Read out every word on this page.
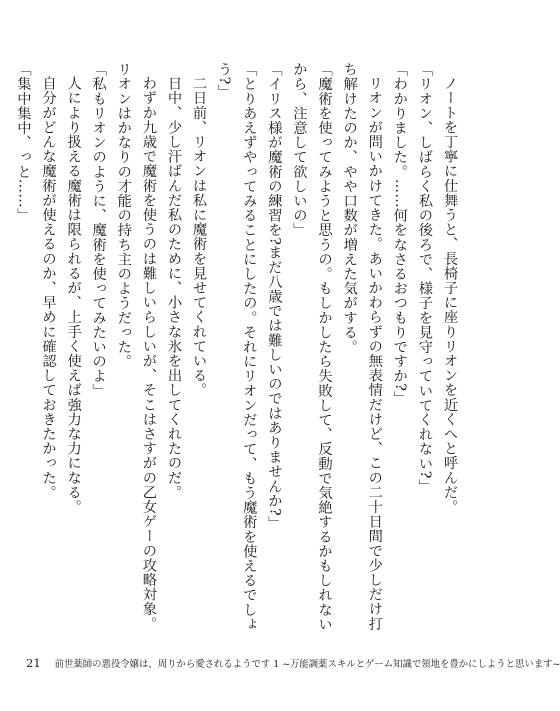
ノートを丁寧に仕舞うと、長椅子に座りリオンを近くへと呼んだ。

「リオン、しばらく私の後ろで、様子を見守っていてくれない?」

「わかりました。……何をなさるおつもりですか?」

リオンが問いかけてきた。あいかわらずの無表情だけど、この二十日間で少しだけ打ち解けたのか、やや口数が増えた気がする。

「魔術を使ってみようと思うの。もしかしたら失敗して、反動で気絶するかもしれないから、注意して欲しいの」

「イリス様が魔術の練習を?まだ八歳では難しいのではありませんか?」

「とりあえずやってみることにしたの。それにリオンだって、もう魔術を使えるでしょう?」

二日前、リオンは私に魔術を見せてくれている。

日中、少し汗ばんだ私のために、小さな氷を出してくれたのだ。

わずか九歳で魔術を使うのは難しいらしいが、そこはさすがの乙女ゲーの攻略対象。リオンはかなりの才能の持ち主のようだった。

「私もリオンのように、魔術を使ってみたいのよ」

人により扱える魔術は限られるが、上手く使えば強力な力になる。

自分がどんな魔術が使えるのか、早めに確認しておきたかった。

「集中集中、っと……」

21 前世薬師の悪役令嬢は、周りから愛されるようです 1 ~万能調薬スキルとゲーム知識で領地を豊かにしようと思います~
